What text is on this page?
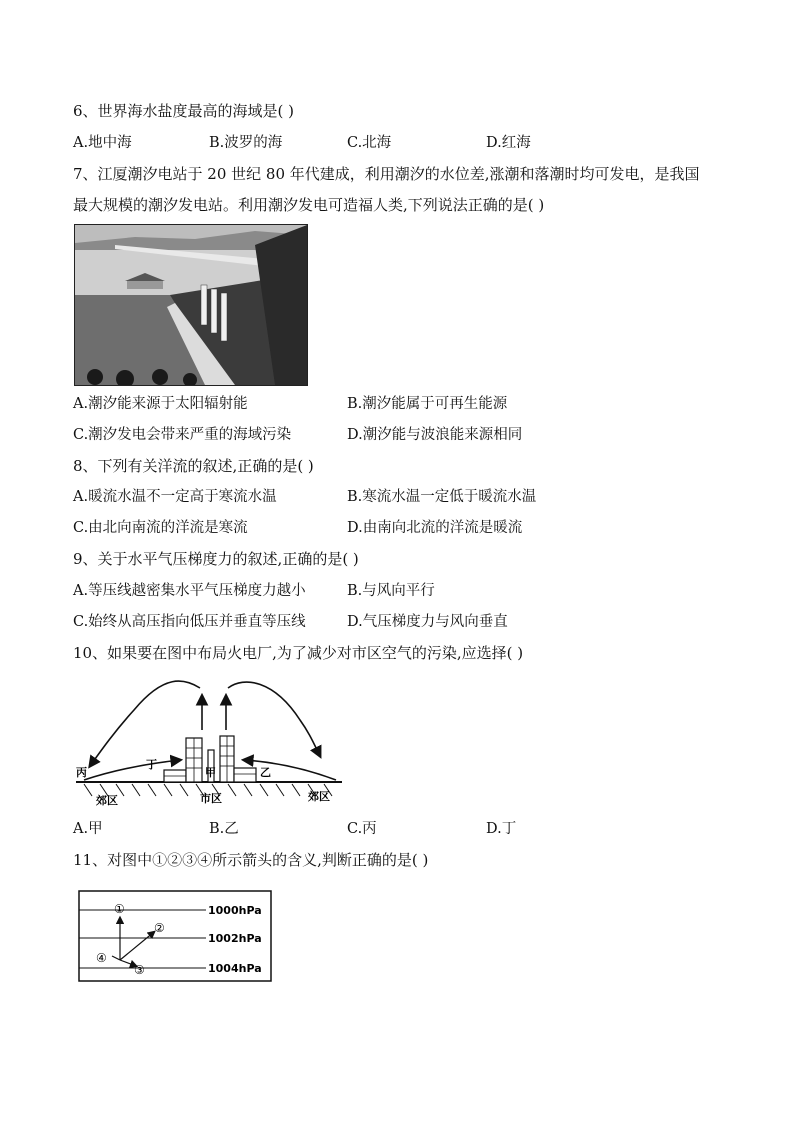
6、世界海水盐度最高的海域是( )
A.地中海	B.波罗的海	C.北海	D.红海
7、江厦潮汐电站于 20 世纪 80 年代建成，利用潮汐的水位差,涨潮和落潮时均可发电，是我国
最大规模的潮汐发电站。利用潮汐发电可造福人类,下列说法正确的是( )
A.潮汐能来源于太阳辐射能	B.潮汐能属于可再生能源
C.潮汐发电会带来严重的海域污染	D.潮汐能与波浪能来源相同
8、下列有关洋流的叙述,正确的是( )
A.暖流水温不一定高于寒流水温	B.寒流水温一定低于暖流水温
C.由北向南流的洋流是寒流	D.由南向北流的洋流是暖流
9、关于水平气压梯度力的叙述,正确的是( )
A.等压线越密集水平气压梯度力越小	B.与风向平行
C.始终从高压指向低压并垂直等压线	D.气压梯度力与风向垂直
10、如果要在图中布局火电厂,为了减少对市区空气的污染,应选择( )
丙
丁
甲	乙
郊区	市区	郊区
A.甲	B.乙	C.丙	D.丁
11、对图中①②③④所示箭头的含义,判断正确的是( )
①
②
③
④
1000hPa
1002hPa
1004hPa
